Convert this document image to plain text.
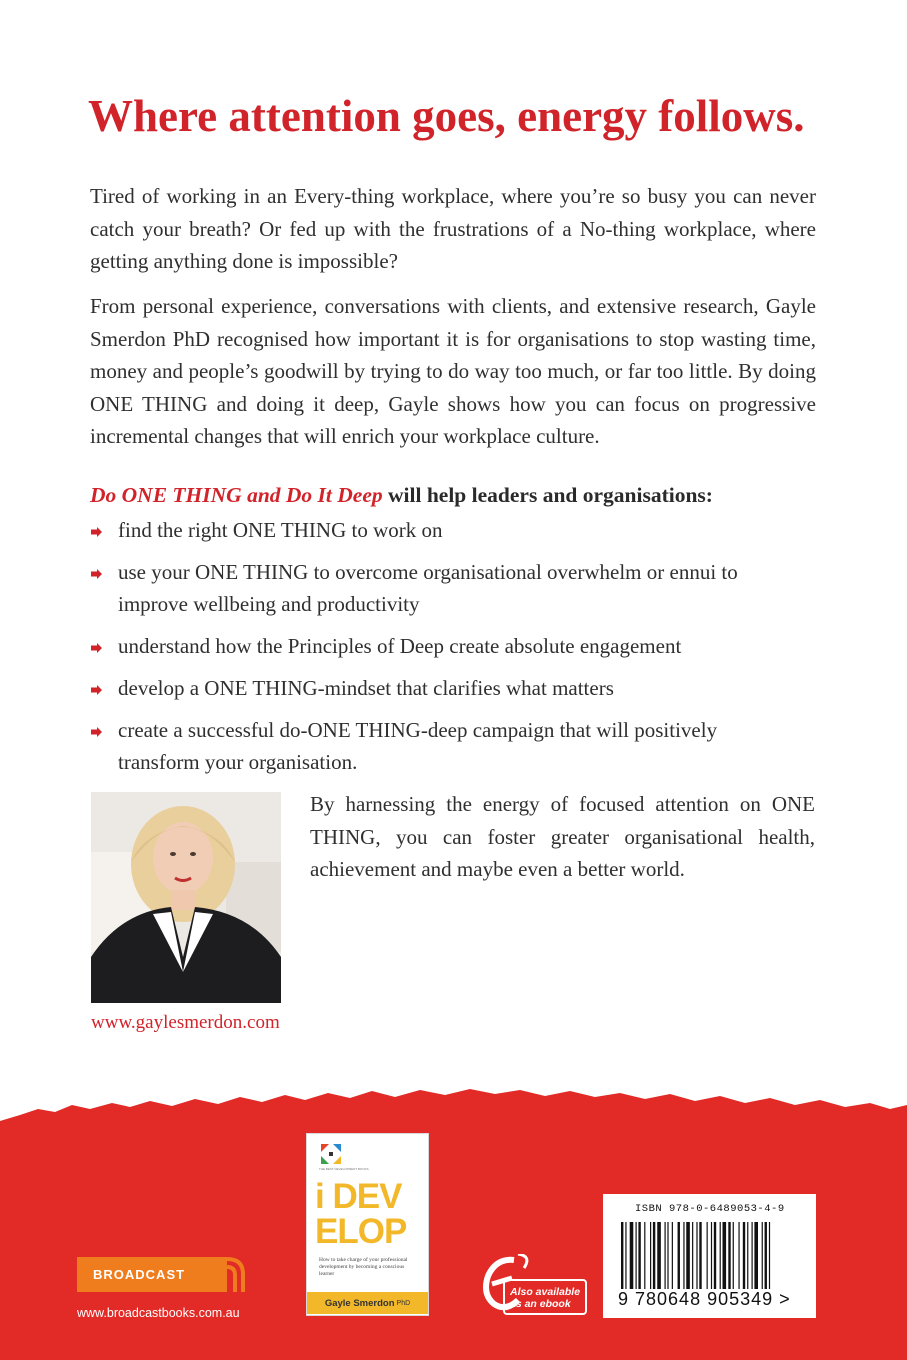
Where attention goes, energy follows.

Tired of working in an Every-thing workplace, where you’re so busy you can never catch your breath? Or fed up with the frustrations of a No-thing workplace, where getting anything done is impossible?

From personal experience, conversations with clients, and extensive research, Gayle Smerdon PhD recognised how important it is for organisations to stop wasting time, money and people’s goodwill by trying to do way too much, or far too little. By doing ONE THING and doing it deep, Gayle shows how you can focus on progressive incremental changes that will enrich your workplace culture.

Do ONE THING and Do It Deep will help leaders and organisations:

find the right ONE THING to work on
use your ONE THING to overcome organisational overwhelm or ennui to improve wellbeing and productivity
understand how the Principles of Deep create absolute engagement
develop a ONE THING-mindset that clarifies what matters
create a successful do-ONE THING-deep campaign that will positively transform your organisation.

www.gaylesmerdon.com

By harnessing the energy of focused attention on ONE THING, you can foster greater organisational health, achievement and maybe even a better world.

BROADCAST

www.broadcastbooks.com.au

THE BEST DEVELOPMENT BOOKS
i DEV
ELOP
How to take charge of your professional development by becoming a conscious learner
Gayle Smerdon PhD
Also available
as an ebook

ISBN 978-0-6489053-4-9

9 780648 905349 >
